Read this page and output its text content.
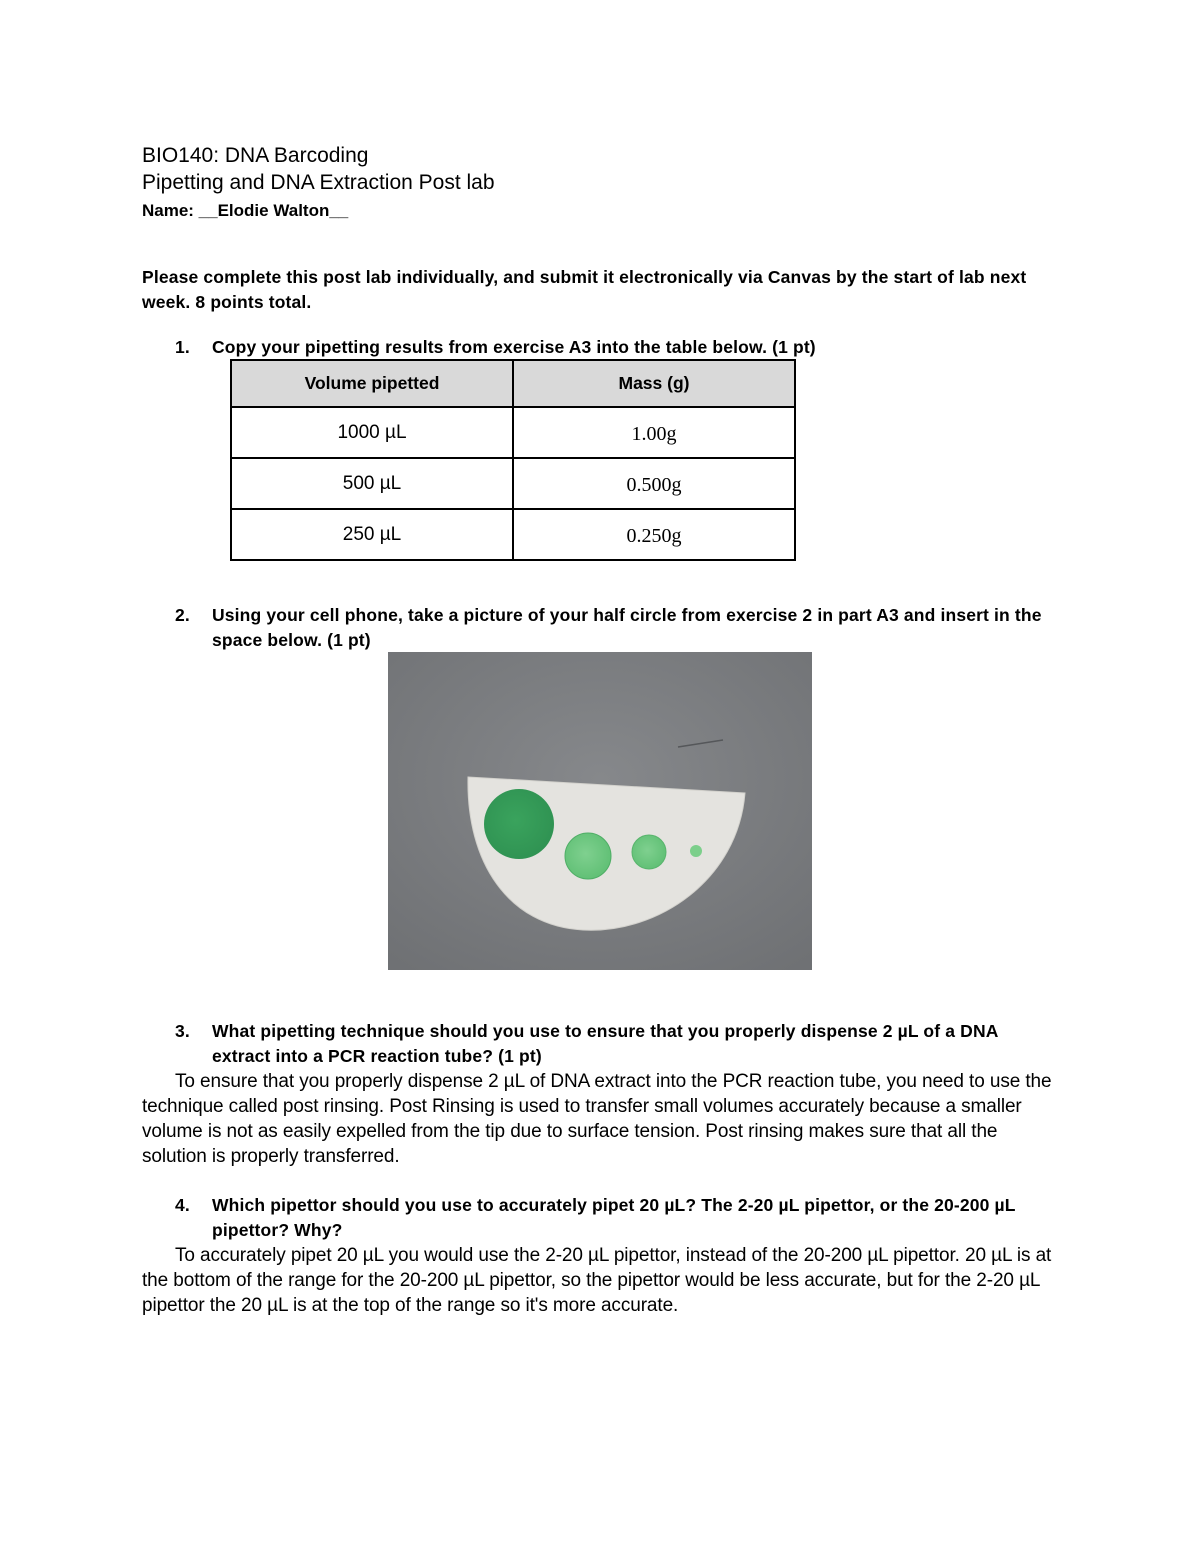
BIO140: DNA Barcoding
Pipetting and DNA Extraction Post lab
Name: __Elodie Walton__
Please complete this post lab individually, and submit it electronically via Canvas by the start of lab next week. 8 points total.
1. Copy your pipetting results from exercise A3 into the table below. (1 pt)
Volume pipetted	Mass (g)
1000 µL	1.00g
500 µL	0.500g
250 µL	0.250g
2. Using your cell phone, take a picture of your half circle from exercise 2 in part A3 and insert in the space below. (1 pt)
3. What pipetting technique should you use to ensure that you properly dispense 2 µL of a DNA extract into a PCR reaction tube? (1 pt)
To ensure that you properly dispense 2 µL of DNA extract into the PCR reaction tube, you need to use the technique called post rinsing. Post Rinsing is used to transfer small volumes accurately because a smaller volume is not as easily expelled from the tip due to surface tension. Post rinsing makes sure that all the solution is properly transferred.
4. Which pipettor should you use to accurately pipet 20 µL? The 2-20 µL pipettor, or the 20-200 µL pipettor? Why?
To accurately pipet 20 µL you would use the 2-20 µL pipettor, instead of the 20-200 µL pipettor. 20 µL is at the bottom of the range for the 20-200 µL pipettor, so the pipettor would be less accurate, but for the 2-20 µL pipettor the 20 µL is at the top of the range so it's more accurate.
